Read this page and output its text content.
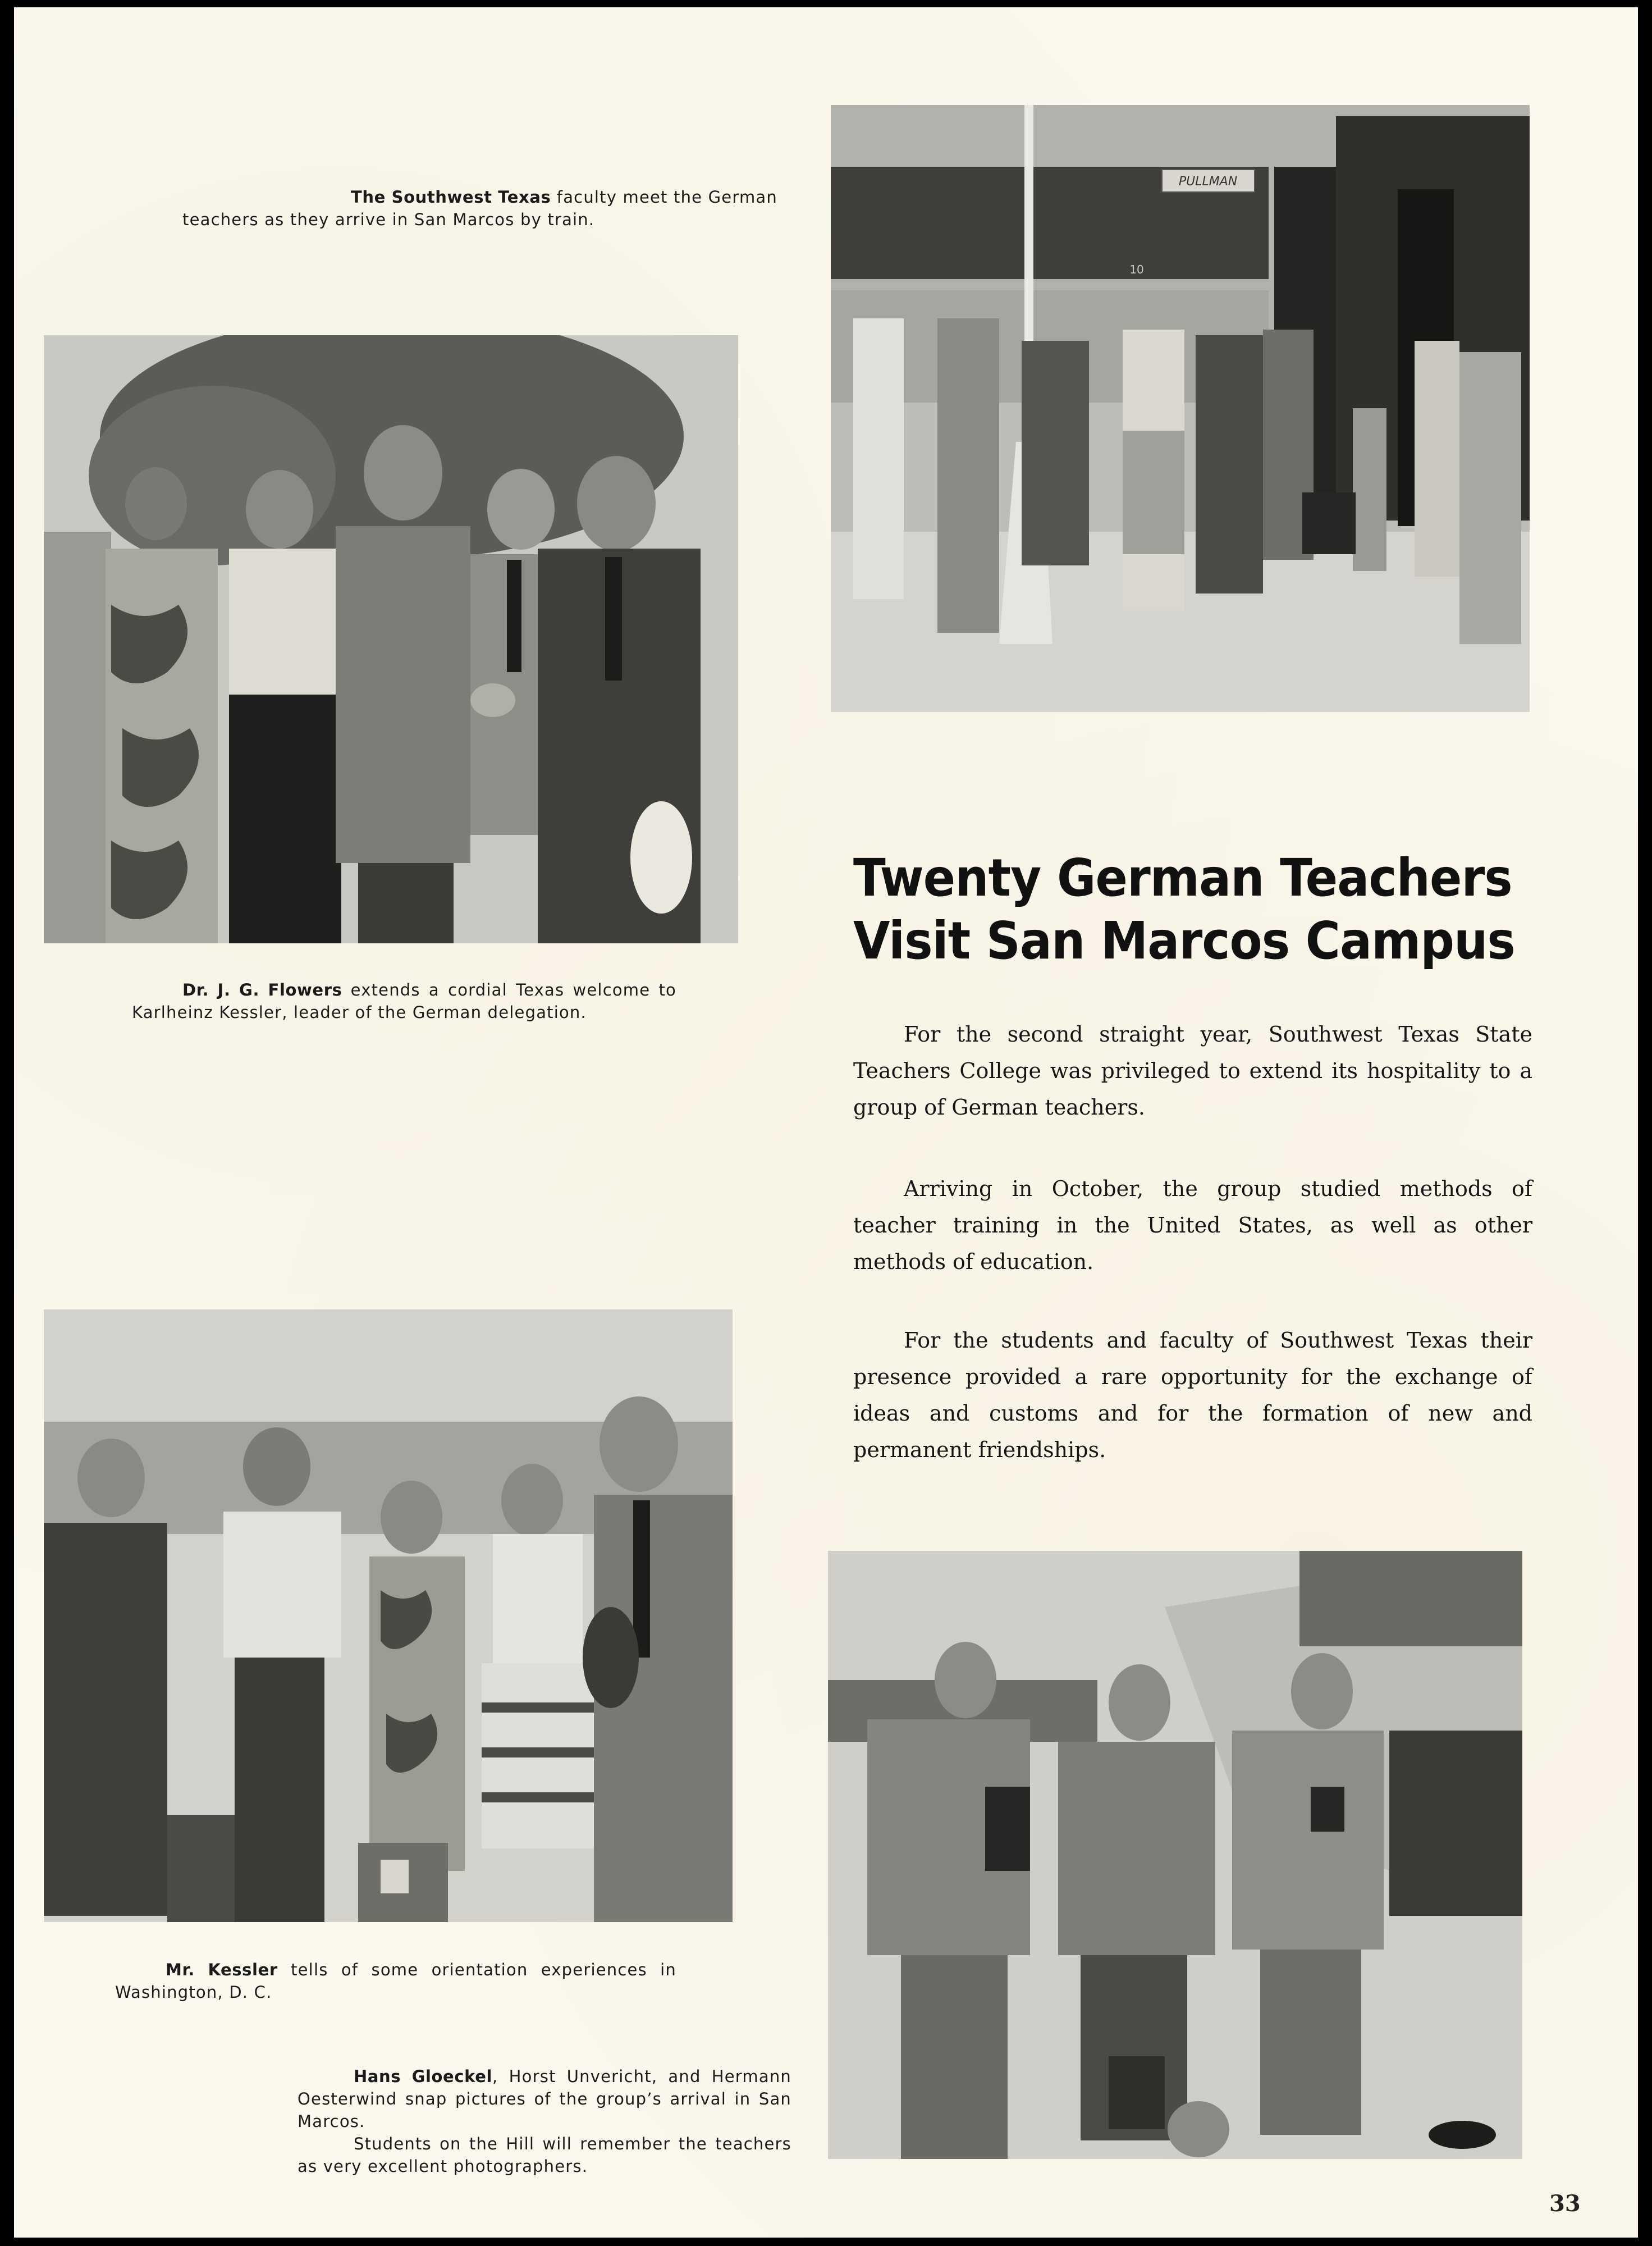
The Southwest Texas faculty meet the German teachers as they arrive in San Marcos by train.
Dr. J. G. Flowers extends a cordial Texas welcome to Karlheinz Kessler, leader of the German delegation.
PULLMAN
10
Twenty German Teachers
Visit San Marcos Campus

For the second straight year, Southwest Texas State Teachers College was privileged to extend its hospitality to a group of German teachers.

Arriving in October, the group studied methods of teacher training in the United States, as well as other methods of education.

For the students and faculty of Southwest Texas their presence provided a rare opportunity for the exchange of ideas and customs and for the formation of new and permanent friendships.

Mr. Kessler tells of some orientation experiences in Washington, D. C.
Hans Gloeckel, Horst Unvericht, and Hermann Oesterwind snap pictures of the group’s arrival in San Marcos.
Students on the Hill will remember the teachers as very excellent photographers.
33
